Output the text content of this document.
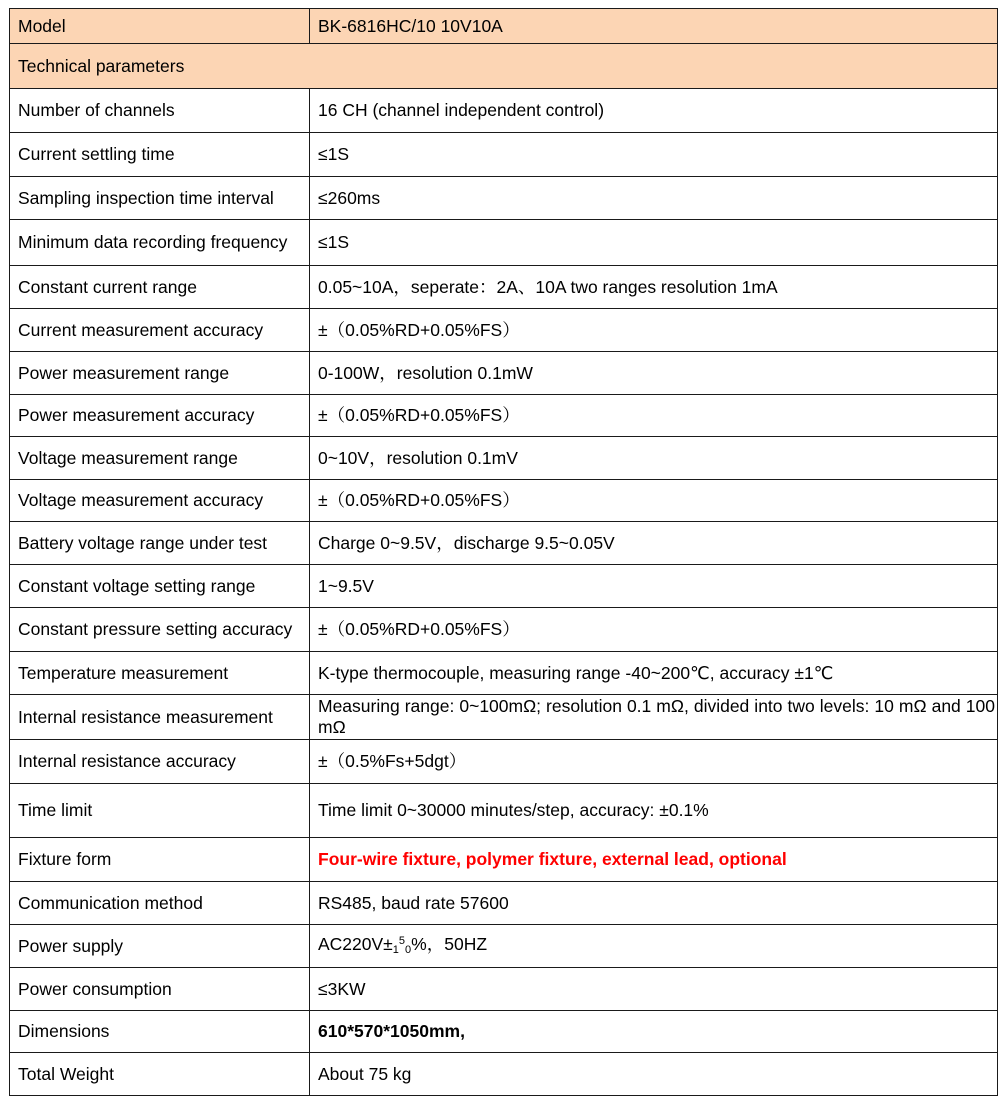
Model	BK-6816HC/10 10V10A
Technical parameters	
Number of channels	16 CH (channel independent control)
Current settling time	≤1S
Sampling inspection time interval	≤260ms
Minimum data recording frequency	≤1S
Constant current range	0.05~10A，seperate：2A、10A two ranges resolution 1mA
Current measurement accuracy	±（0.05%RD+0.05%FS）
Power measurement range	0-100W，resolution 0.1mW
Power measurement accuracy	±（0.05%RD+0.05%FS）
Voltage measurement range	0~10V，resolution 0.1mV
Voltage measurement accuracy	±（0.05%RD+0.05%FS）
Battery voltage range under test	Charge 0~9.5V，discharge 9.5~0.05V
Constant voltage setting range	1~9.5V
Constant pressure setting accuracy	±（0.05%RD+0.05%FS）
Temperature measurement	K-type thermocouple, measuring range -40~200℃, accuracy ±1℃
Internal resistance measurement	Measuring range: 0~100mΩ; resolution 0.1 mΩ, divided into two levels: 10 mΩ and 100 mΩ
Internal resistance accuracy	±（0.5%Fs+5dgt）
Time limit	Time limit 0~30000 minutes/step, accuracy: ±0.1%
Fixture form	Four-wire fixture, polymer fixture, external lead, optional
Communication method	RS485, baud rate 57600
Power supply	$AC220V\pm_1^5_0\%$，50HZ
Power consumption	≤3KW
Dimensions	610*570*1050mm,
Total Weight	About 75 kg
